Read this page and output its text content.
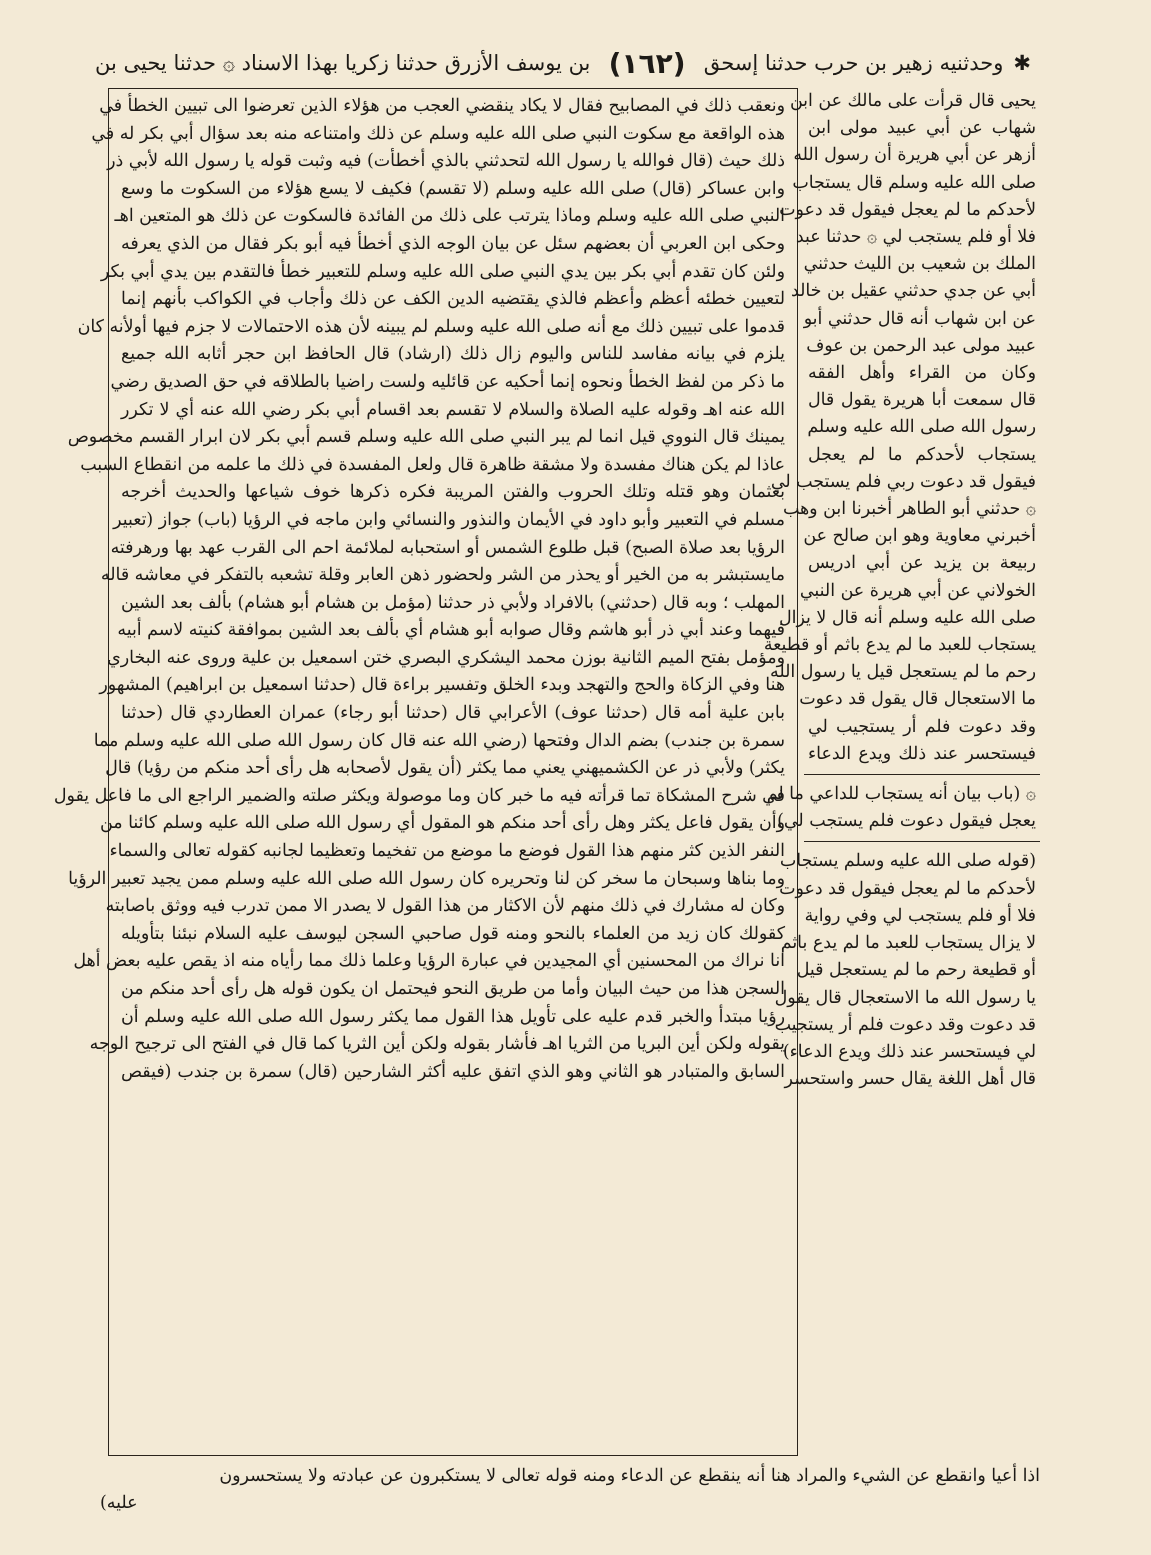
✱وحدثنيه زهير بن حرب حدثنا إسحق
(١٦٢)
بن يوسف الأزرق حدثنا زكريا بهذا الاسناد ۞ حدثنا يحيى بن

ونعقب ذلك في المصابيح فقال لا يكاد ينقضي العجب من هؤلاء الذين تعرضوا الى تبيين الخطأ في
هذه الواقعة مع سكوت النبي صلى الله عليه وسلم عن ذلك وامتناعه منه بعد سؤال أبي بكر له في
ذلك حيث (قال فوالله يا رسول الله لتحدثني بالذي أخطأت) فيه وثبت قوله يا رسول الله لأبي ذر
وابن عساكر (قال) صلى الله عليه وسلم (لا تقسم) فكيف لا يسع هؤلاء من السكوت ما وسع
النبي صلى الله عليه وسلم وماذا يترتب على ذلك من الفائدة فالسكوت عن ذلك هو المتعين اهـ
وحكى ابن العربي أن بعضهم سئل عن بيان الوجه الذي أخطأ فيه أبو بكر فقال من الذي يعرفه
ولئن كان تقدم أبي بكر بين يدي النبي صلى الله عليه وسلم للتعبير خطأ فالتقدم بين يدي أبي بكر
لتعيين خطئه أعظم وأعظم فالذي يقتضيه الدين الكف عن ذلك وأجاب في الكواكب بأنهم إنما
قدموا على تبيين ذلك مع أنه صلى الله عليه وسلم لم يبينه لأن هذه الاحتمالات لا جزم فيها أولأنه كان
يلزم في بيانه مفاسد للناس واليوم زال ذلك (ارشاد) قال الحافظ ابن حجر أثابه الله جميع
ما ذكر من لفظ الخطأ ونحوه إنما أحكيه عن قائليه ولست راضيا بالطلاقه في حق الصديق رضي
الله عنه اهـ وقوله عليه الصلاة والسلام لا تقسم بعد اقسام أبي بكر رضي الله عنه أي لا تكرر
يمينك قال النووي قيل انما لم يبر النبي صلى الله عليه وسلم قسم أبي بكر لان ابرار القسم مخصوص
عاذا لم يكن هناك مفسدة ولا مشقة ظاهرة قال ولعل المفسدة في ذلك ما علمه من انقطاع السبب
بعثمان وهو قتله وتلك الحروب والفتن المريبة فكره ذكرها خوف شياعها والحديث أخرجه
مسلم في التعبير وأبو داود في الأيمان والنذور والنسائي وابن ماجه في الرؤيا (باب) جواز (تعبير
الرؤيا بعد صلاة الصبح) قبل طلوع الشمس أو استحبابه لملائمة احم الى القرب عهد بها ورهرفته
مايستبشر به من الخير أو يحذر من الشر ولحضور ذهن العابر وقلة تشعبه بالتفكر في معاشه قاله
المهلب ؛ وبه قال (حدثني) بالافراد ولأبي ذر حدثنا (مؤمل بن هشام أبو هشام) بألف بعد الشين
فيهما وعند أبي ذر أبو هاشم وقال صوابه أبو هشام أي بألف بعد الشين بموافقة كنيته لاسم أبيه
ومؤمل بفتح الميم الثانية بوزن محمد اليشكري البصري ختن اسمعيل بن علية وروى عنه البخاري
هنا وفي الزكاة والحج والتهجد وبدء الخلق وتفسير براءة قال (حدثنا اسمعيل بن ابراهيم) المشهور
بابن علية أمه قال (حدثنا عوف) الأعرابي قال (حدثنا أبو رجاء) عمران العطاردي قال (حدثنا
سمرة بن جندب) بضم الدال وفتحها (رضي الله عنه قال كان رسول الله صلى الله عليه وسلم مما
يكثر) ولأبي ذر عن الكشميهني يعني مما يكثر (أن يقول لأصحابه هل رأى أحد منكم من رؤيا) قال
في شرح المشكاة تما قرأته فيه ما خبر كان وما موصولة ويكثر صلته والضمير الراجع الى ما فاعل يقول
وأن يقول فاعل يكثر وهل رأى أحد منكم هو المقول أي رسول الله صلى الله عليه وسلم كائنا من
النفر الذين كثر منهم هذا القول فوضع ما موضع من تفخيما وتعظيما لجانبه كقوله تعالى والسماء
وما بناها وسبحان ما سخر كن لنا وتحريره كان رسول الله صلى الله عليه وسلم ممن يجيد تعبير الرؤيا
وكان له مشارك في ذلك منهم لأن الاكثار من هذا القول لا يصدر الا ممن تدرب فيه ووثق باصابته
كقولك كان زيد من العلماء بالنحو ومنه قول صاحبي السجن ليوسف عليه السلام نبئنا بتأويله
انا نراك من المحسنين أي المجيدين في عبارة الرؤيا وعلما ذلك مما رأياه منه اذ يقص عليه بعض أهل
السجن هذا من حيث البيان وأما من طريق النحو فيحتمل ان يكون قوله هل رأى أحد منكم من
رؤيا مبتدأ والخبر قدم عليه على تأويل هذا القول مما يكثر رسول الله صلى الله عليه وسلم أن
يقوله ولكن أين البريا من الثريا اهـ فأشار بقوله ولكن أين الثريا كما قال في الفتح الى ترجيح الوجه
السابق والمتبادر هو الثاني وهو الذي اتفق عليه أكثر الشارحين (قال) سمرة بن جندب (فيقص

يحيى قال قرأت على مالك عن ابن
شهاب عن أبي عبيد مولى ابن
أزهر عن أبي هريرة أن رسول الله
صلى الله عليه وسلم قال يستجاب
لأحدكم ما لم يعجل فيقول قد دعوت
فلا أو فلم يستجب لي ۞ حدثنا عبد
الملك بن شعيب بن الليث حدثني
أبي عن جدي حدثني عقيل بن خالد
عن ابن شهاب أنه قال حدثني أبو
عبيد مولى عبد الرحمن بن عوف
وكان من القراء وأهل الفقه
قال سمعت أبا هريرة يقول قال
رسول الله صلى الله عليه وسلم
يستجاب لأحدكم ما لم يعجل
فيقول قد دعوت ربي فلم يستجب لي
۞ حدثني أبو الطاهر أخبرنا ابن وهب
أخبرني معاوية وهو ابن صالح عن
ربيعة بن يزيد عن أبي ادريس
الخولاني عن أبي هريرة عن النبي
صلى الله عليه وسلم أنه قال لا يزال
يستجاب للعبد ما لم يدع باثم أو قطيعة
رحم ما لم يستعجل قيل يا رسول الله
ما الاستعجال قال يقول قد دعوت
وقد دعوت فلم أر يستجيب لي
فيستحسر عند ذلك ويدع الدعاء
۞ (باب بيان أنه يستجاب للداعي ما لم
يعجل فيقول دعوت فلم يستجب لي)
(قوله صلى الله عليه وسلم يستجاب
لأحدكم ما لم يعجل فيقول قد دعوت
فلا أو فلم يستجب لي وفي رواية
لا يزال يستجاب للعبد ما لم يدع باثم
أو قطيعة رحم ما لم يستعجل قيل
يا رسول الله ما الاستعجال قال يقول
قد دعوت وقد دعوت فلم أر يستجيب
لي فيستحسر عند ذلك ويدع الدعاء)
قال أهل اللغة يقال حسر واستحسر
اذا أعيا وانقطع عن الشيء والمراد هنا أنه ينقطع عن الدعاء ومنه قوله تعالى لا يستكبرون عن عبادته ولا يستحسرون
عليه)
